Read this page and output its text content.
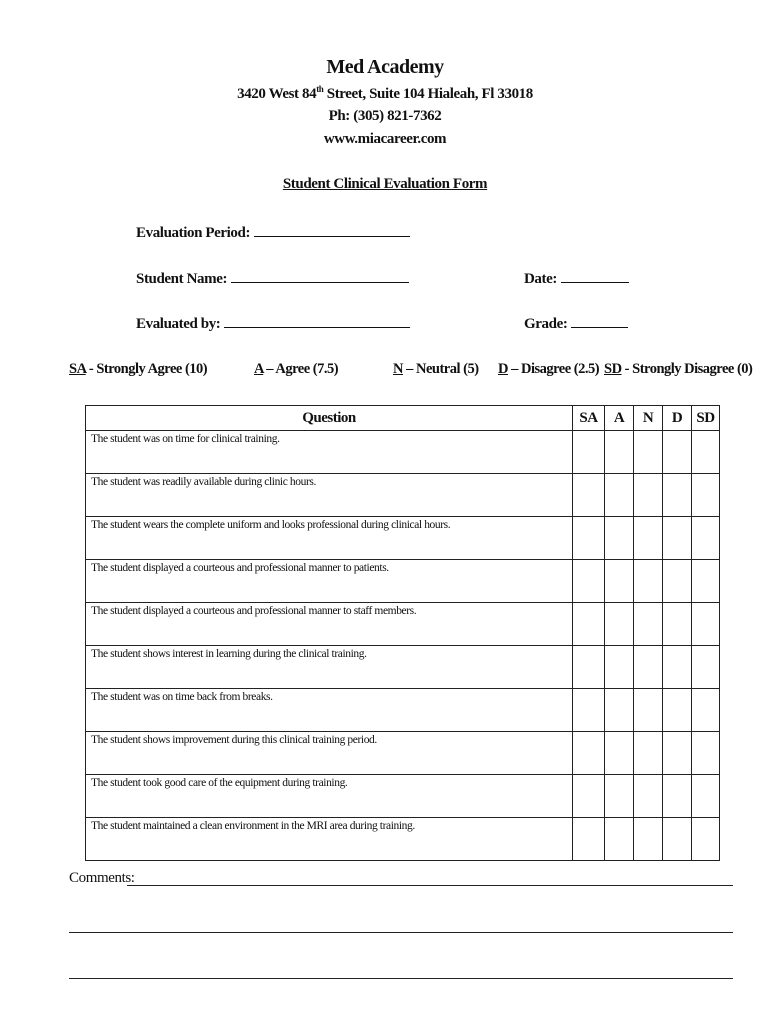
Med Academy
3420 West 84th Street, Suite 104 Hialeah, Fl 33018
Ph: (305) 821-7362
www.miacareer.com
Student Clinical Evaluation Form
Evaluation Period:
Student Name:	Date:
Evaluated by:	Grade:
SA - Strongly Agree (10)	A – Agree (7.5)	N – Neutral (5) D – Disagree (2.5) SD - Strongly Disagree (0)
Question	SA	A	N	D	SD
The student was on time for clinical training.					
The student was readily available during clinic hours.					
The student wears the complete uniform and looks professional during clinical hours.					
The student displayed a courteous and professional manner to patients.					
The student displayed a courteous and professional manner to staff members.					
The student shows interest in learning during the clinical training.					
The student was on time back from breaks.					
The student shows improvement during this clinical training period.					
The student took good care of the equipment during training.					
The student maintained a clean environment in the MRI area during training.					
Comments:
